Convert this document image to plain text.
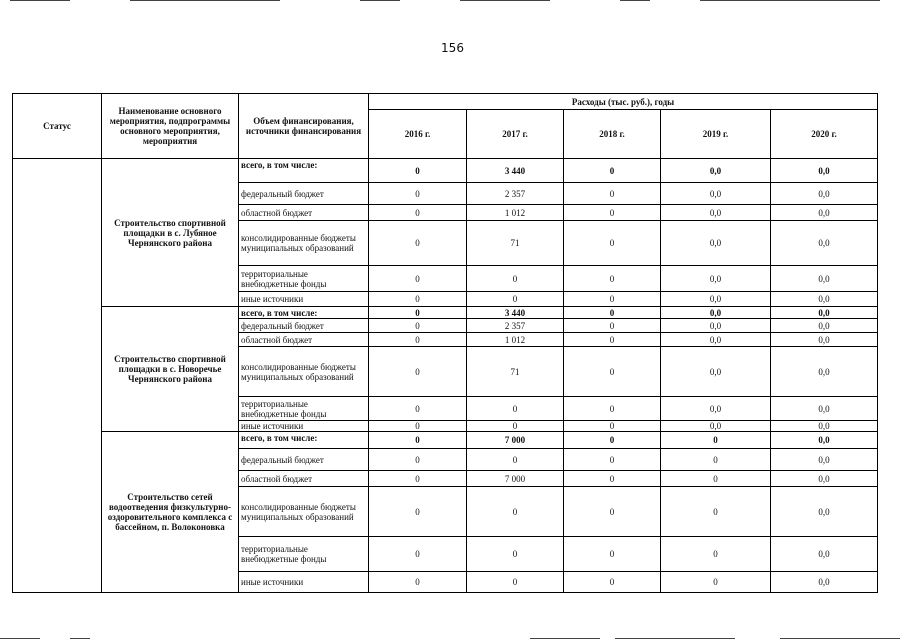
156
Статус	Наименование основного мероприятия, подпрограммы основного мероприятия, мероприятия	Объем финансирования, источники финансирования	Расходы (тыс. руб.), годы				
			2016 г.	2017 г.	2018 г.	2019 г.	2020 г.
	Строительство спортивной площадки в с. Лубяное Чернянского района	всего, в том числе:	0	3 440	0	0,0	0,0
		федеральный бюджет	0	2 357	0	0,0	0,0
		областной бюджет	0	1 012	0	0,0	0,0
		консолидированные бюджеты муниципальных образований	0	71	0	0,0	0,0
		территориальные внебюджетные фонды	0	0	0	0,0	0,0
		иные источники	0	0	0	0,0	0,0
	Строительство спортивной площадки в с. Новоречье Чернянского района	всего, в том числе:	0	3 440	0	0,0	0,0
		федеральный бюджет	0	2 357	0	0,0	0,0
		областной бюджет	0	1 012	0	0,0	0,0
		консолидированные бюджеты муниципальных образований	0	71	0	0,0	0,0
		территориальные внебюджетные фонды	0	0	0	0,0	0,0
		иные источники	0	0	0	0,0	0,0
	Строительство сетей водоотведения физкультурно-оздоровительного комплекса с бассейном, п. Волоконовка	всего, в том числе:	0	7 000	0	0	0,0
		федеральный бюджет	0	0	0	0	0,0
		областной бюджет	0	7 000	0	0	0,0
		консолидированные бюджеты муниципальных образований	0	0	0	0	0,0
		территориальные внебюджетные фонды	0	0	0	0	0,0
		иные источники	0	0	0	0	0,0
